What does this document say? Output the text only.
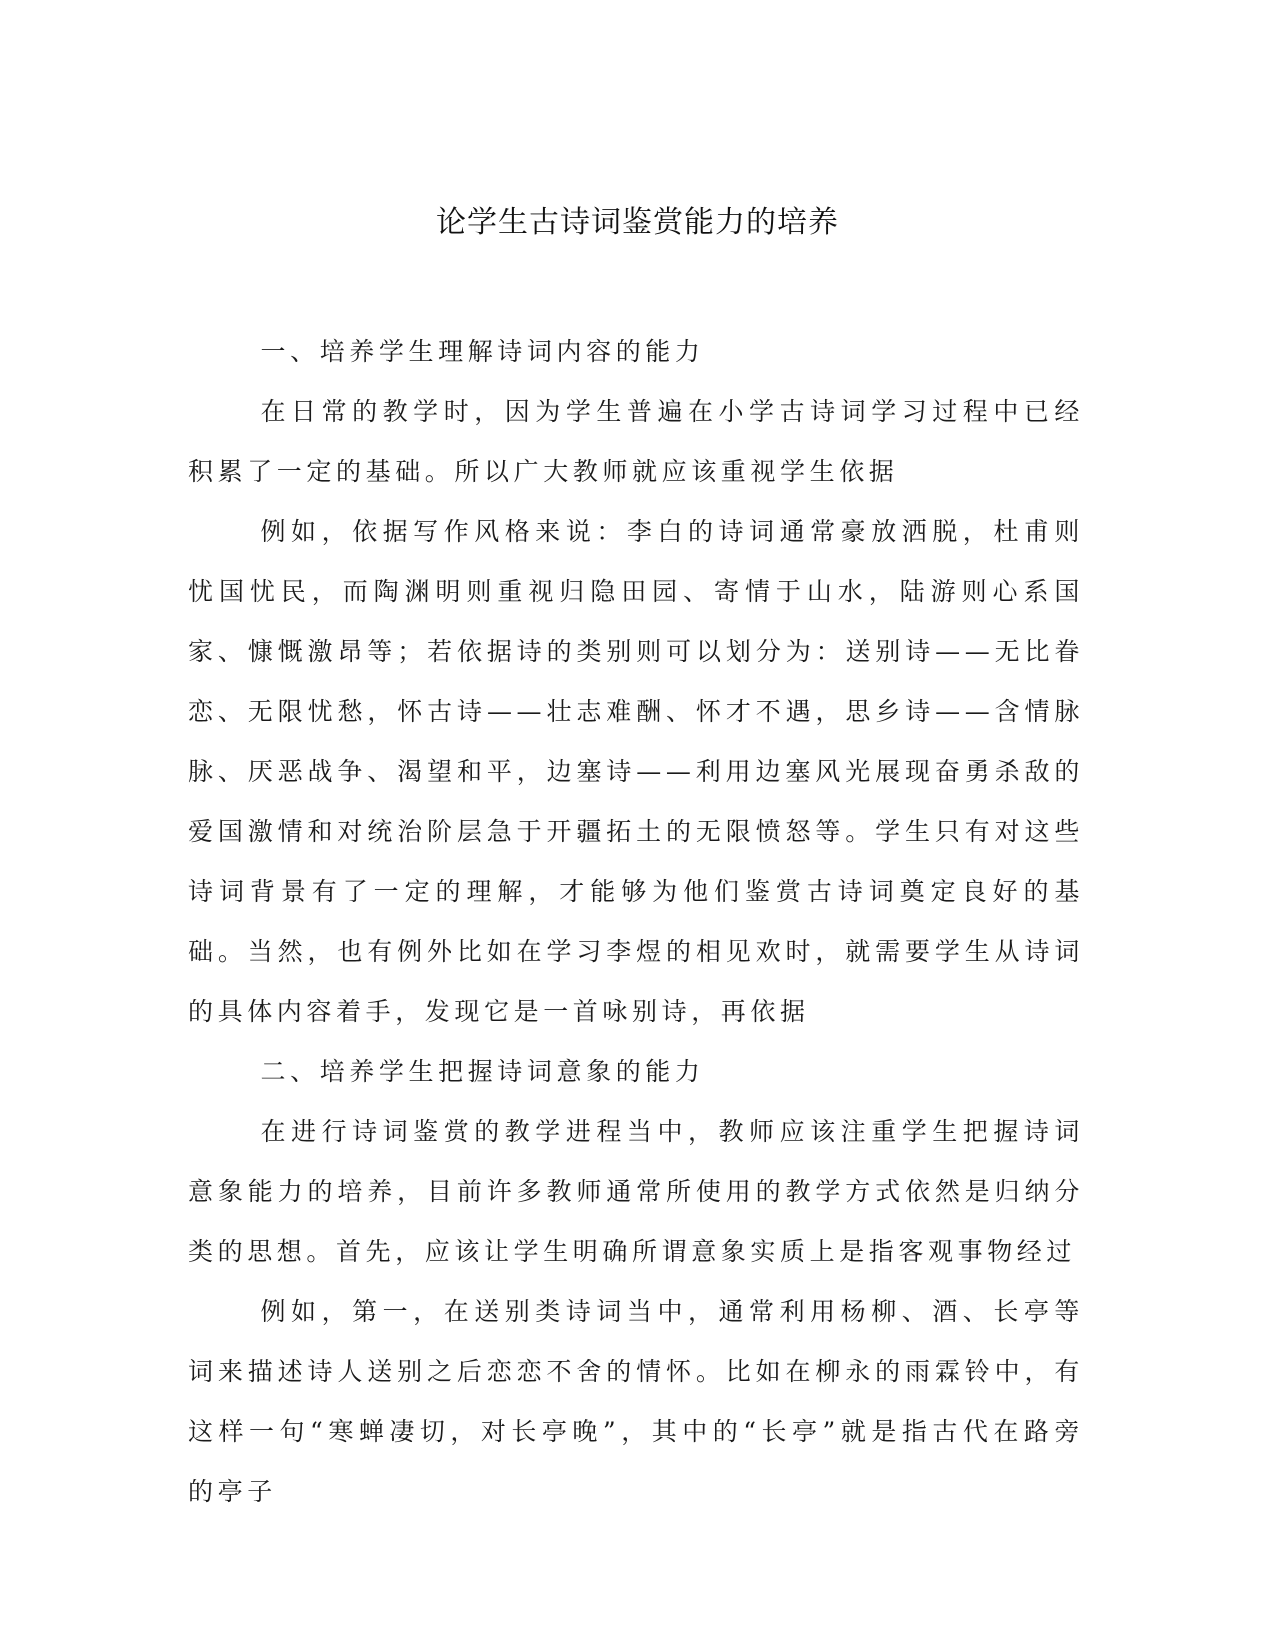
论学生古诗词鉴赏能力的培养

一、培养学生理解诗词内容的能力

在日常的教学时，因为学生普遍在小学古诗词学习过程中已经积累了一定的基础。所以广大教师就应该重视学生依据

例如，依据写作风格来说：李白的诗词通常豪放洒脱，杜甫则忧国忧民，而陶渊明则重视归隐田园、寄情于山水，陆游则心系国家、慷慨激昂等；若依据诗的类别则可以划分为：送别诗——无比眷恋、无限忧愁，怀古诗——壮志难酬、怀才不遇，思乡诗——含情脉脉、厌恶战争、渴望和平，边塞诗——利用边塞风光展现奋勇杀敌的爱国激情和对统治阶层急于开疆拓土的无限愤怒等。学生只有对这些诗词背景有了一定的理解，才能够为他们鉴赏古诗词奠定良好的基础。当然，也有例外比如在学习李煜的相见欢时，就需要学生从诗词的具体内容着手，发现它是一首咏别诗，再依据

二、培养学生把握诗词意象的能力

在进行诗词鉴赏的教学进程当中，教师应该注重学生把握诗词意象能力的培养，目前许多教师通常所使用的教学方式依然是归纳分类的思想。首先，应该让学生明确所谓意象实质上是指客观事物经过

例如，第一，在送别类诗词当中，通常利用杨柳、酒、长亭等词来描述诗人送别之后恋恋不舍的情怀。比如在柳永的雨霖铃中，有这样一句“寒蝉凄切，对长亭晚”，其中的“长亭”就是指古代在路旁的亭子
